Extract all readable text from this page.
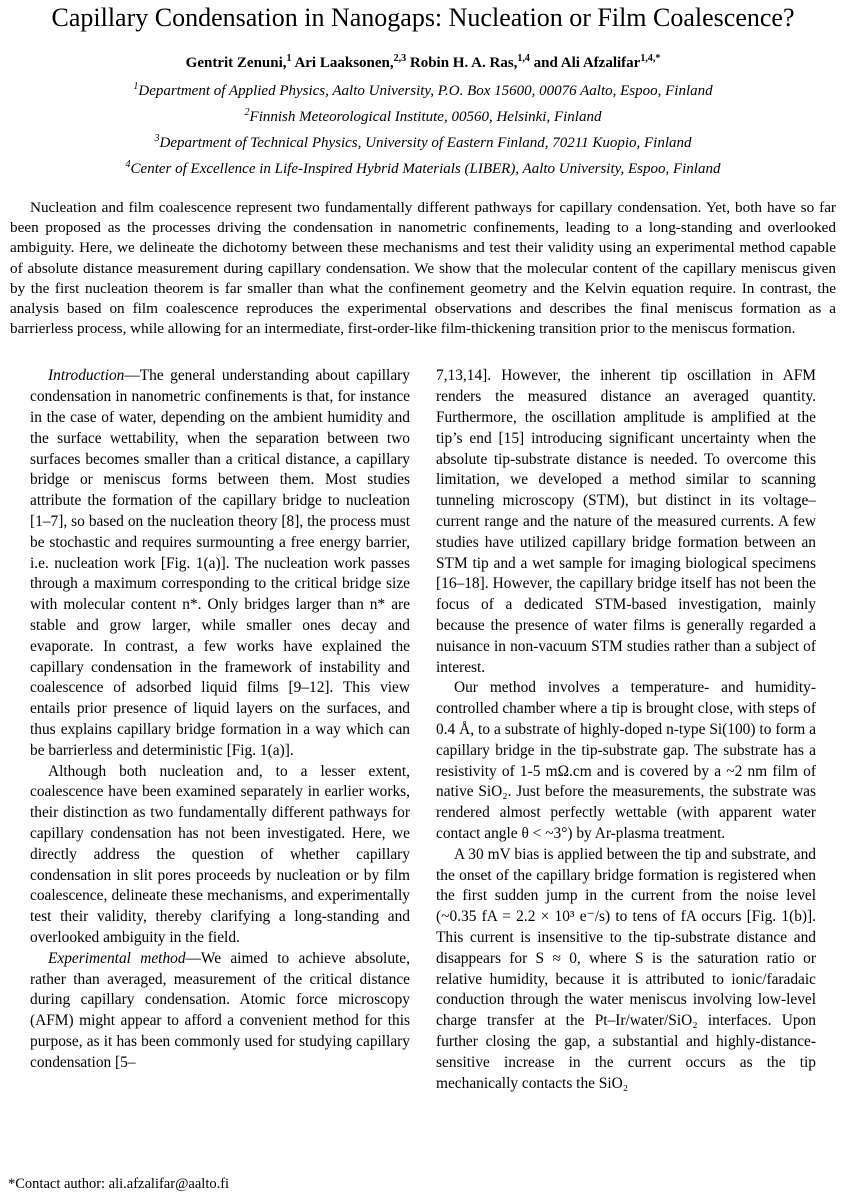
Capillary Condensation in Nanogaps: Nucleation or Film Coalescence?
Gentrit Zenuni,$^1$ Ari Laaksonen,$^{2,3}$ Robin H. A. Ras,$^{1,4}$ and Ali Afzalifar$^{1,4,*}$
$^1$Department of Applied Physics, Aalto University, P.O. Box 15600, 00076 Aalto, Espoo, Finland
$^2$Finnish Meteorological Institute, 00560, Helsinki, Finland
$^3$Department of Technical Physics, University of Eastern Finland, 70211 Kuopio, Finland
$^4$Center of Excellence in Life-Inspired Hybrid Materials (LIBER), Aalto University, Espoo, Finland

Nucleation and film coalescence represent two fundamentally different pathways for capillary condensation. Yet, both have so far been proposed as the processes driving the condensation in nanometric confinements, leading to a long-standing and overlooked ambiguity. Here, we delineate the dichotomy between these mechanisms and test their validity using an experimental method capable of absolute distance measurement during capillary condensation. We show that the molecular content of the capillary meniscus given by the first nucleation theorem is far smaller than what the confinement geometry and the Kelvin equation require. In contrast, the analysis based on film coalescence reproduces the experimental observations and describes the final meniscus formation as a barrierless process, while allowing for an intermediate, first-order-like film-thickening transition prior to the meniscus formation.

Introduction—The general understanding about capillary condensation in nanometric confinements is that, for instance in the case of water, depending on the ambient humidity and the surface wettability, when the separation between two surfaces becomes smaller than a critical distance, a capillary bridge or meniscus forms between them. Most studies attribute the formation of the capillary bridge to nucleation [1–7], so based on the nucleation theory [8], the process must be stochastic and requires surmounting a free energy barrier, i.e. nucleation work [Fig. 1(a)]. The nucleation work passes through a maximum corresponding to the critical bridge size with molecular content n*. Only bridges larger than n* are stable and grow larger, while smaller ones decay and evaporate. In contrast, a few works have explained the capillary condensation in the framework of instability and coalescence of adsorbed liquid films [9–12]. This view entails prior presence of liquid layers on the surfaces, and thus explains capillary bridge formation in a way which can be barrierless and deterministic [Fig. 1(a)].

Although both nucleation and, to a lesser extent, coalescence have been examined separately in earlier works, their distinction as two fundamentally different pathways for capillary condensation has not been investigated. Here, we directly address the question of whether capillary condensation in slit pores proceeds by nucleation or by film coalescence, delineate these mechanisms, and experimentally test their validity, thereby clarifying a long-standing and overlooked ambiguity in the field.

Experimental method—We aimed to achieve absolute, rather than averaged, measurement of the critical distance during capillary condensation. Atomic force microscopy (AFM) might appear to afford a convenient method for this purpose, as it has been commonly used for studying capillary condensation [5–

7,13,14]. However, the inherent tip oscillation in AFM renders the measured distance an averaged quantity. Furthermore, the oscillation amplitude is amplified at the tip’s end [15] introducing significant uncertainty when the absolute tip-substrate distance is needed. To overcome this limitation, we developed a method similar to scanning tunneling microscopy (STM), but distinct in its voltage–current range and the nature of the measured currents. A few studies have utilized capillary bridge formation between an STM tip and a wet sample for imaging biological specimens [16–18]. However, the capillary bridge itself has not been the focus of a dedicated STM-based investigation, mainly because the presence of water films is generally regarded a nuisance in non-vacuum STM studies rather than a subject of interest.

Our method involves a temperature- and humidity-controlled chamber where a tip is brought close, with steps of 0.4 Å, to a substrate of highly-doped n-type Si(100) to form a capillary bridge in the tip-substrate gap. The substrate has a resistivity of 1-5 mΩ.cm and is covered by a ~2 nm film of native SiO₂. Just before the measurements, the substrate was rendered almost perfectly wettable (with apparent water contact angle θ < ~3°) by Ar-plasma treatment.

A 30 mV bias is applied between the tip and substrate, and the onset of the capillary bridge formation is registered when the first sudden jump in the current from the noise level (~0.35 fA = 2.2 × 10³ e⁻/s) to tens of fA occurs [Fig. 1(b)]. This current is insensitive to the tip-substrate distance and disappears for S ≈ 0, where S is the saturation ratio or relative humidity, because it is attributed to ionic/faradaic conduction through the water meniscus involving low-level charge transfer at the Pt–Ir/water/SiO₂ interfaces. Upon further closing the gap, a substantial and highly-distance-sensitive increase in the current occurs as the tip mechanically contacts the SiO₂

*Contact author: ali.afzalifar@aalto.fi
